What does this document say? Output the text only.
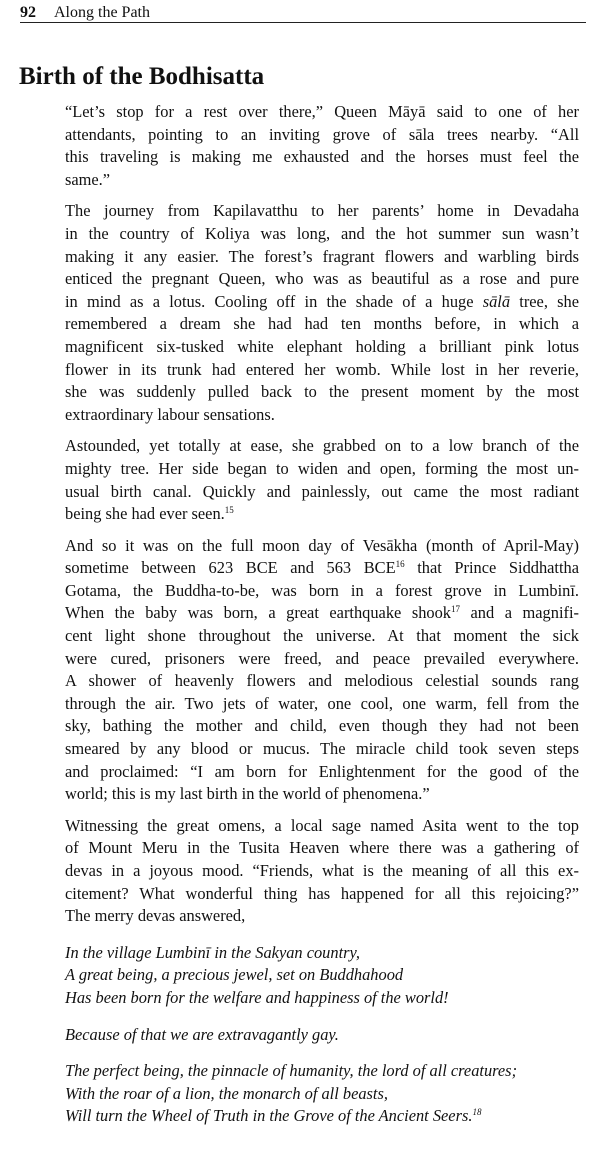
92 Along the Path
Birth of the Bodhisatta

“Let’s stop for a rest over there,” Queen Māyā said to one of her
attendants, pointing to an inviting grove of sāla trees nearby. “All
this traveling is making me exhausted and the horses must feel the
same.”

The journey from Kapilavatthu to her parents’ home in Devadaha
in the country of Koliya was long, and the hot summer sun wasn’t
making it any easier. The forest’s fragrant flowers and warbling birds
enticed the pregnant Queen, who was as beautiful as a rose and pure
in mind as a lotus. Cooling off in the shade of a huge sālā tree, she
remembered a dream she had had ten months before, in which a
magnificent six-tusked white elephant holding a brilliant pink lotus
flower in its trunk had entered her womb. While lost in her reverie,
she was suddenly pulled back to the present moment by the most
extraordinary labour sensations.

Astounded, yet totally at ease, she grabbed on to a low branch of the
mighty tree. Her side began to widen and open, forming the most un-
usual birth canal. Quickly and painlessly, out came the most radiant
being she had ever seen.$^{15}$

And so it was on the full moon day of Vesākha (month of April-May)
sometime between 623 BCE and 563 BCE$^{16}$ that Prince Siddhattha
Gotama, the Buddha-to-be, was born in a forest grove in Lumbinī.
When the baby was born, a great earthquake shook$^{17}$ and a magnifi-
cent light shone throughout the universe. At that moment the sick
were cured, prisoners were freed, and peace prevailed everywhere.
A shower of heavenly flowers and melodious celestial sounds rang
through the air. Two jets of water, one cool, one warm, fell from the
sky, bathing the mother and child, even though they had not been
smeared by any blood or mucus. The miracle child took seven steps
and proclaimed: “I am born for Enlightenment for the good of the
world; this is my last birth in the world of phenomena.”

Witnessing the great omens, a local sage named Asita went to the top
of Mount Meru in the Tusita Heaven where there was a gathering of
devas in a joyous mood. “Friends, what is the meaning of all this ex-
citement? What wonderful thing has happened for all this rejoicing?”
The merry devas answered,

In the village Lumbinī in the Sakyan country,
A great being, a precious jewel, set on Buddhahood
Has been born for the welfare and happiness of the world!
Because of that we are extravagantly gay.
The perfect being, the pinnacle of humanity, the lord of all creatures;
With the roar of a lion, the monarch of all beasts,
Will turn the Wheel of Truth in the Grove of the Ancient Seers.$^{18}$
